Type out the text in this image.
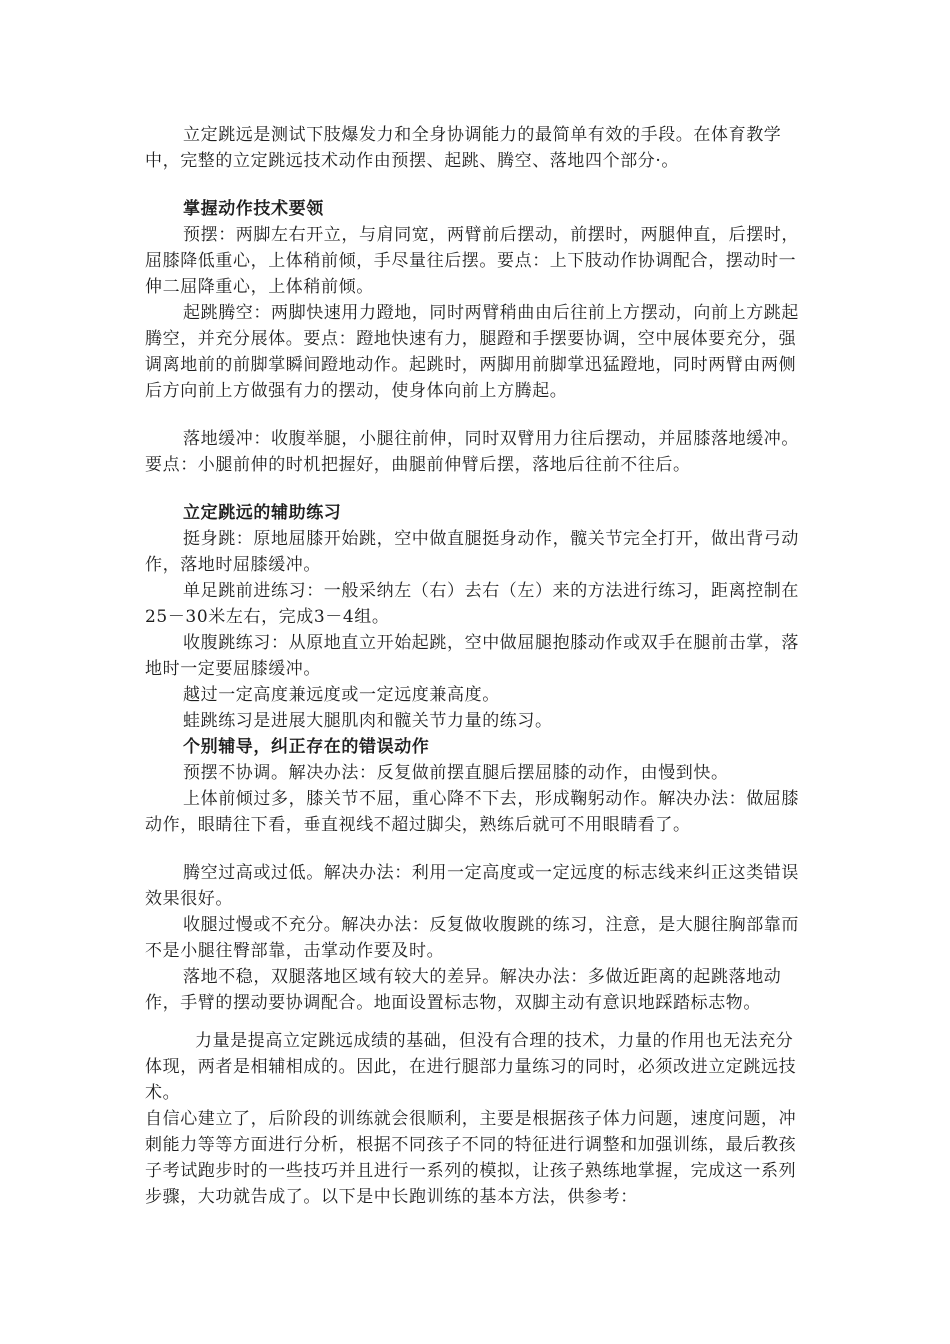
立定跳远是测试下肢爆发力和全身协调能力的最简单有效的手段。在体育教学中，完整的立定跳远技术动作由预摆、起跳、腾空、落地四个部分·。

掌握动作技术要领

预摆：两脚左右开立，与肩同宽，两臂前后摆动，前摆时，两腿伸直，后摆时，屈膝降低重心，上体稍前倾，手尽量往后摆。要点：上下肢动作协调配合，摆动时一伸二屈降重心，上体稍前倾。

起跳腾空：两脚快速用力蹬地，同时两臂稍曲由后往前上方摆动，向前上方跳起腾空，并充分展体。要点：蹬地快速有力，腿蹬和手摆要协调，空中展体要充分，强调离地前的前脚掌瞬间蹬地动作。起跳时，两脚用前脚掌迅猛蹬地，同时两臂由两侧后方向前上方做强有力的摆动，使身体向前上方腾起。

落地缓冲：收腹举腿，小腿往前伸，同时双臂用力往后摆动，并屈膝落地缓冲。要点：小腿前伸的时机把握好，曲腿前伸臂后摆，落地后往前不往后。

立定跳远的辅助练习

挺身跳：原地屈膝开始跳，空中做直腿挺身动作，髋关节完全打开，做出背弓动作，落地时屈膝缓冲。

单足跳前进练习：一般采纳左（右）去右（左）来的方法进行练习，距离控制在25－30米左右，完成3－4组。

收腹跳练习：从原地直立开始起跳，空中做屈腿抱膝动作或双手在腿前击掌，落地时一定要屈膝缓冲。

越过一定高度兼远度或一定远度兼高度。

蛙跳练习是进展大腿肌肉和髋关节力量的练习。

个别辅导，纠正存在的错误动作

预摆不协调。解决办法：反复做前摆直腿后摆屈膝的动作，由慢到快。

上体前倾过多，膝关节不屈，重心降不下去，形成鞠躬动作。解决办法：做屈膝动作，眼睛往下看，垂直视线不超过脚尖，熟练后就可不用眼睛看了。

腾空过高或过低。解决办法：利用一定高度或一定远度的标志线来纠正这类错误效果很好。

收腿过慢或不充分。解决办法：反复做收腹跳的练习，注意，是大腿往胸部靠而不是小腿往臀部靠，击掌动作要及时。

落地不稳，双腿落地区域有较大的差异。解决办法：多做近距离的起跳落地动作，手臂的摆动要协调配合。地面设置标志物，双脚主动有意识地踩踏标志物。

力量是提高立定跳远成绩的基础，但没有合理的技术，力量的作用也无法充分体现，两者是相辅相成的。因此，在进行腿部力量练习的同时，必须改进立定跳远技术。

自信心建立了，后阶段的训练就会很顺利，主要是根据孩子体力问题，速度问题，冲刺能力等等方面进行分析，根据不同孩子不同的特征进行调整和加强训练，最后教孩子考试跑步时的一些技巧并且进行一系列的模拟，让孩子熟练地掌握，完成这一系列步骤，大功就告成了。以下是中长跑训练的基本方法，供参考：
